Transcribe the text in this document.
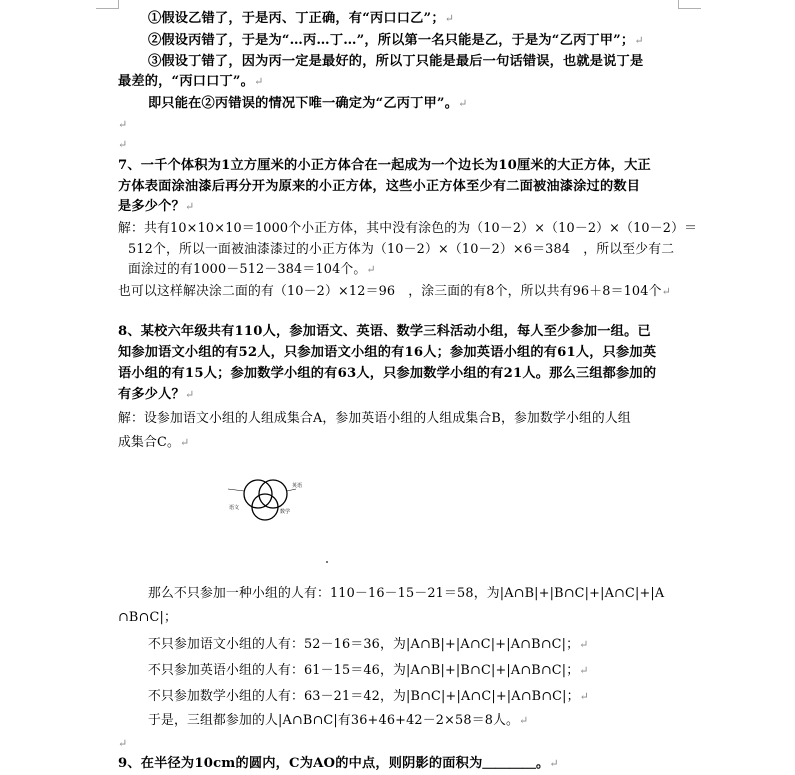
①假设乙错了，于是丙、丁正确，有“丙口口乙”；↵
②假设丙错了，于是为“…丙…丁…”，所以第一名只能是乙，于是为“乙丙丁甲”；↵
③假设丁错了，因为丙一定是最好的，所以丁只能是最后一句话错误，也就是说丁是
最差的，“丙口口丁”。↵
即只能在②丙错误的情况下唯一确定为“乙丙丁甲”。↵
↵
↵
7、一千个体积为1立方厘米的小正方体合在一起成为一个边长为10厘米的大正方体，大正
方体表面涂油漆后再分开为原来的小正方体，这些小正方体至少有二面被油漆涂过的数目
是多少个？↵
解：共有10×10×10＝1000个小正方体，其中没有涂色的为（10－2）×（10－2）×（10－2）＝
512个，所以一面被油漆漆过的小正方体为（10－2）×（10－2）×6＝384　，所以至少有二
面涂过的有1000－512－384＝104个。↵
也可以这样解决涂二面的有（10－2）×12＝96　，涂三面的有8个，所以共有96＋8＝104个↵
8、某校六年级共有110人，参加语文、英语、数学三科活动小组，每人至少参加一组。已
知参加语文小组的有52人，只参加语文小组的有16人；参加英语小组的有61人，只参加英
语小组的有15人；参加数学小组的有63人，只参加数学小组的有21人。那么三组都参加的
有多少人？↵
解：设参加语文小组的人组成集合A，参加英语小组的人组成集合B，参加数学小组的人组
成集合C。↵
语文
英语
数学
那么不只参加一种小组的人有：110－16－15－21＝58，为|A∩B|+|B∩C|+|A∩C|+|A
∩B∩C|；
不只参加语文小组的人有：52－16＝36，为|A∩B|+|A∩C|+|A∩B∩C|；↵
不只参加英语小组的人有：61－15＝46，为|A∩B|+|B∩C|+|A∩B∩C|；↵
不只参加数学小组的人有：63－21＝42，为|B∩C|+|A∩C|+|A∩B∩C|；↵
于是，三组都参加的人|A∩B∩C|有36+46+42－2×58＝8人。↵
↵
9、在半径为10cm的圆内，C为AO的中点，则阴影的面积为＿＿＿＿。↵
